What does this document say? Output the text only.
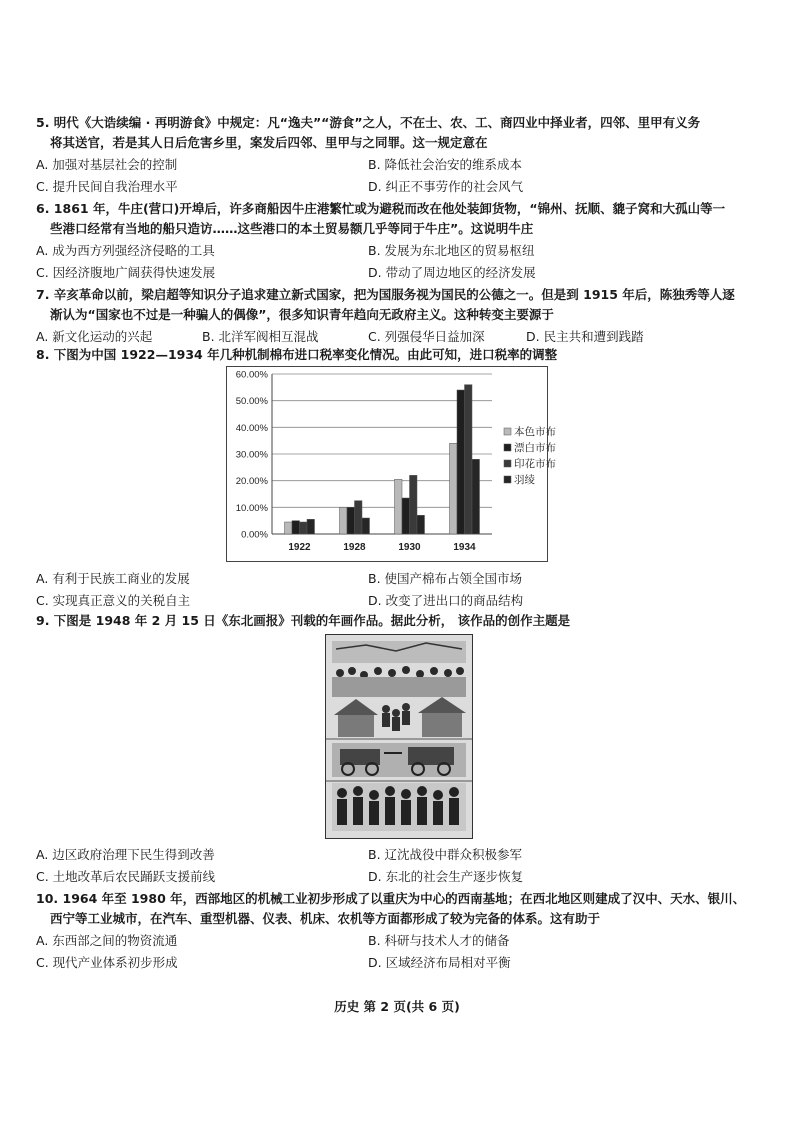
5. 明代《大诰续编 · 再明游食》中规定：凡“逸夫”“游食”之人，不在士、农、工、商四业中择业者，四邻、里甲有义务
将其送官，若是其人日后危害乡里，案发后四邻、里甲与之同罪。这一规定意在
A. 加强对基层社会的控制	B. 降低社会治安的维系成本
C. 提升民间自我治理水平	D. 纠正不事劳作的社会风气
6. 1861 年，牛庄(营口)开埠后，许多商船因牛庄港繁忙或为避税而改在他处装卸货物，“锦州、抚顺、貔子窝和大孤山等一
些港口经常有当地的船只造访……这些港口的本土贸易额几乎等同于牛庄”。这说明牛庄
A. 成为西方列强经济侵略的工具	B. 发展为东北地区的贸易枢纽
C. 因经济腹地广阔获得快速发展	D. 带动了周边地区的经济发展
7. 辛亥革命以前，梁启超等知识分子追求建立新式国家，把为国服务视为国民的公德之一。但是到 1915 年后，陈独秀等人逐
渐认为“国家也不过是一种骗人的偶像”，很多知识青年趋向无政府主义。这种转变主要源于
A. 新文化运动的兴起	B. 北洋军阀相互混战	C. 列强侵华日益加深	D. 民主共和遭到践踏
8. 下图为中国 1922—1934 年几种机制棉布进口税率变化情况。由此可知，进口税率的调整
0.00%
10.00%
20.00%
30.00%
40.00%
50.00%
60.00%
1922	1928	1930	1934
本色市布
漂白市布
印花市布
羽绫
A. 有利于民族工商业的发展	B. 使国产棉布占领全国市场
C. 实现真正意义的关税自主	D. 改变了进出口的商品结构
9. 下图是 1948 年 2 月 15 日《东北画报》刊载的年画作品。据此分析， 该作品的创作主题是
A. 边区政府治理下民生得到改善	B. 辽沈战役中群众积极参军
C. 土地改革后农民踊跃支援前线	D. 东北的社会生产逐步恢复
10. 1964 年至 1980 年，西部地区的机械工业初步形成了以重庆为中心的西南基地；在西北地区则建成了汉中、天水、银川、
西宁等工业城市，在汽车、重型机器、仪表、机床、农机等方面都形成了较为完备的体系。这有助于
A. 东西部之间的物资流通	B. 科研与技术人才的储备
C. 现代产业体系初步形成	D. 区域经济布局相对平衡
历史 第 2 页(共 6 页)
